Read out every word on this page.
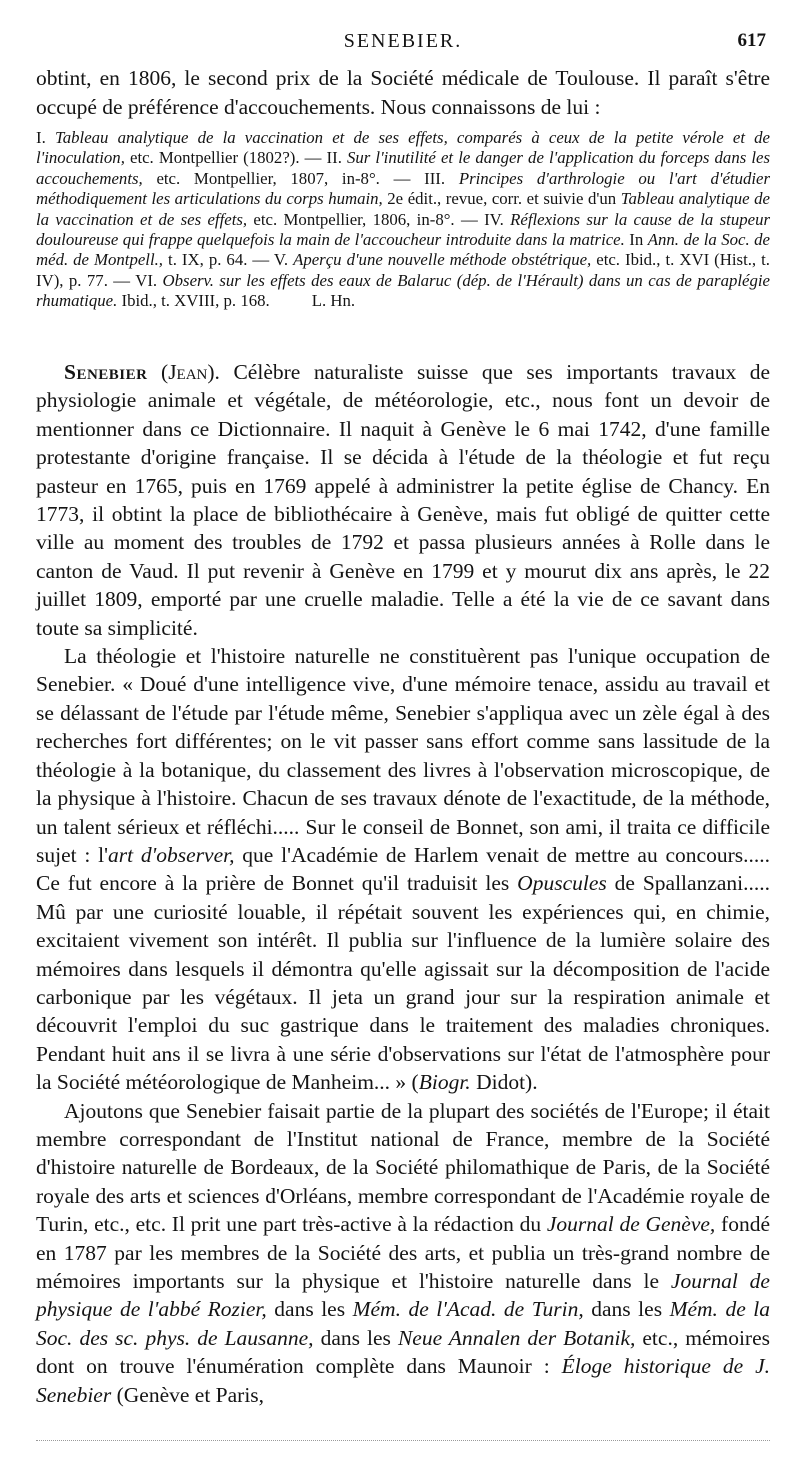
SENEBIER.	617

obtint, en 1806, le second prix de la Société médicale de Toulouse. Il paraît s'être occupé de préférence d'accouchements. Nous connaissons de lui :

I. Tableau analytique de la vaccination et de ses effets, comparés à ceux de la petite vérole et de l'inoculation, etc. Montpellier (1802?). — II. Sur l'inutilité et le danger de l'application du forceps dans les accouchements, etc. Montpellier, 1807, in-8°. — III. Principes d'arthrologie ou l'art d'étudier méthodiquement les articulations du corps humain, 2e édit., revue, corr. et suivie d'un Tableau analytique de la vaccination et de ses effets, etc. Montpellier, 1806, in-8°. — IV. Réflexions sur la cause de la stupeur douloureuse qui frappe quelquefois la main de l'accoucheur introduite dans la matrice. In Ann. de la Soc. de méd. de Montpell., t. IX, p. 64. — V. Aperçu d'une nouvelle méthode obstétrique, etc. Ibid., t. XVI (Hist., t. IV), p. 77. — VI. Observ. sur les effets des eaux de Balaruc (dép. de l'Hérault) dans un cas de paraplégie rhumatique. Ibid., t. XVIII, p. 168.	L. Hn.

Senebier (Jean). Célèbre naturaliste suisse que ses importants travaux de physiologie animale et végétale, de météorologie, etc., nous font un devoir de mentionner dans ce Dictionnaire. Il naquit à Genève le 6 mai 1742, d'une famille protestante d'origine française. Il se décida à l'étude de la théologie et fut reçu pasteur en 1765, puis en 1769 appelé à administrer la petite église de Chancy. En 1773, il obtint la place de bibliothécaire à Genève, mais fut obligé de quitter cette ville au moment des troubles de 1792 et passa plusieurs années à Rolle dans le canton de Vaud. Il put revenir à Genève en 1799 et y mourut dix ans après, le 22 juillet 1809, emporté par une cruelle maladie. Telle a été la vie de ce savant dans toute sa simplicité.

La théologie et l'histoire naturelle ne constituèrent pas l'unique occupation de Senebier. « Doué d'une intelligence vive, d'une mémoire tenace, assidu au travail et se délassant de l'étude par l'étude même, Senebier s'appliqua avec un zèle égal à des recherches fort différentes; on le vit passer sans effort comme sans lassitude de la théologie à la botanique, du classement des livres à l'observation microscopique, de la physique à l'histoire. Chacun de ses travaux dénote de l'exactitude, de la méthode, un talent sérieux et réfléchi..... Sur le conseil de Bonnet, son ami, il traita ce difficile sujet : l'art d'observer, que l'Académie de Harlem venait de mettre au concours..... Ce fut encore à la prière de Bonnet qu'il traduisit les Opuscules de Spallanzani..... Mû par une curiosité louable, il répétait souvent les expériences qui, en chimie, excitaient vivement son intérêt. Il publia sur l'influence de la lumière solaire des mémoires dans lesquels il démontra qu'elle agissait sur la décomposition de l'acide carbonique par les végétaux. Il jeta un grand jour sur la respiration animale et découvrit l'emploi du suc gastrique dans le traitement des maladies chroniques. Pendant huit ans il se livra à une série d'observations sur l'état de l'atmosphère pour la Société météorologique de Manheim... » (Biogr. Didot).

Ajoutons que Senebier faisait partie de la plupart des sociétés de l'Europe; il était membre correspondant de l'Institut national de France, membre de la Société d'histoire naturelle de Bordeaux, de la Société philomathique de Paris, de la Société royale des arts et sciences d'Orléans, membre correspondant de l'Académie royale de Turin, etc., etc. Il prit une part très-active à la rédaction du Journal de Genève, fondé en 1787 par les membres de la Société des arts, et publia un très-grand nombre de mémoires importants sur la physique et l'histoire naturelle dans le Journal de physique de l'abbé Rozier, dans les Mém. de l'Acad. de Turin, dans les Mém. de la Soc. des sc. phys. de Lausanne, dans les Neue Annalen der Botanik, etc., mémoires dont on trouve l'énumération complète dans Maunoir : Éloge historique de J. Senebier (Genève et Paris,
